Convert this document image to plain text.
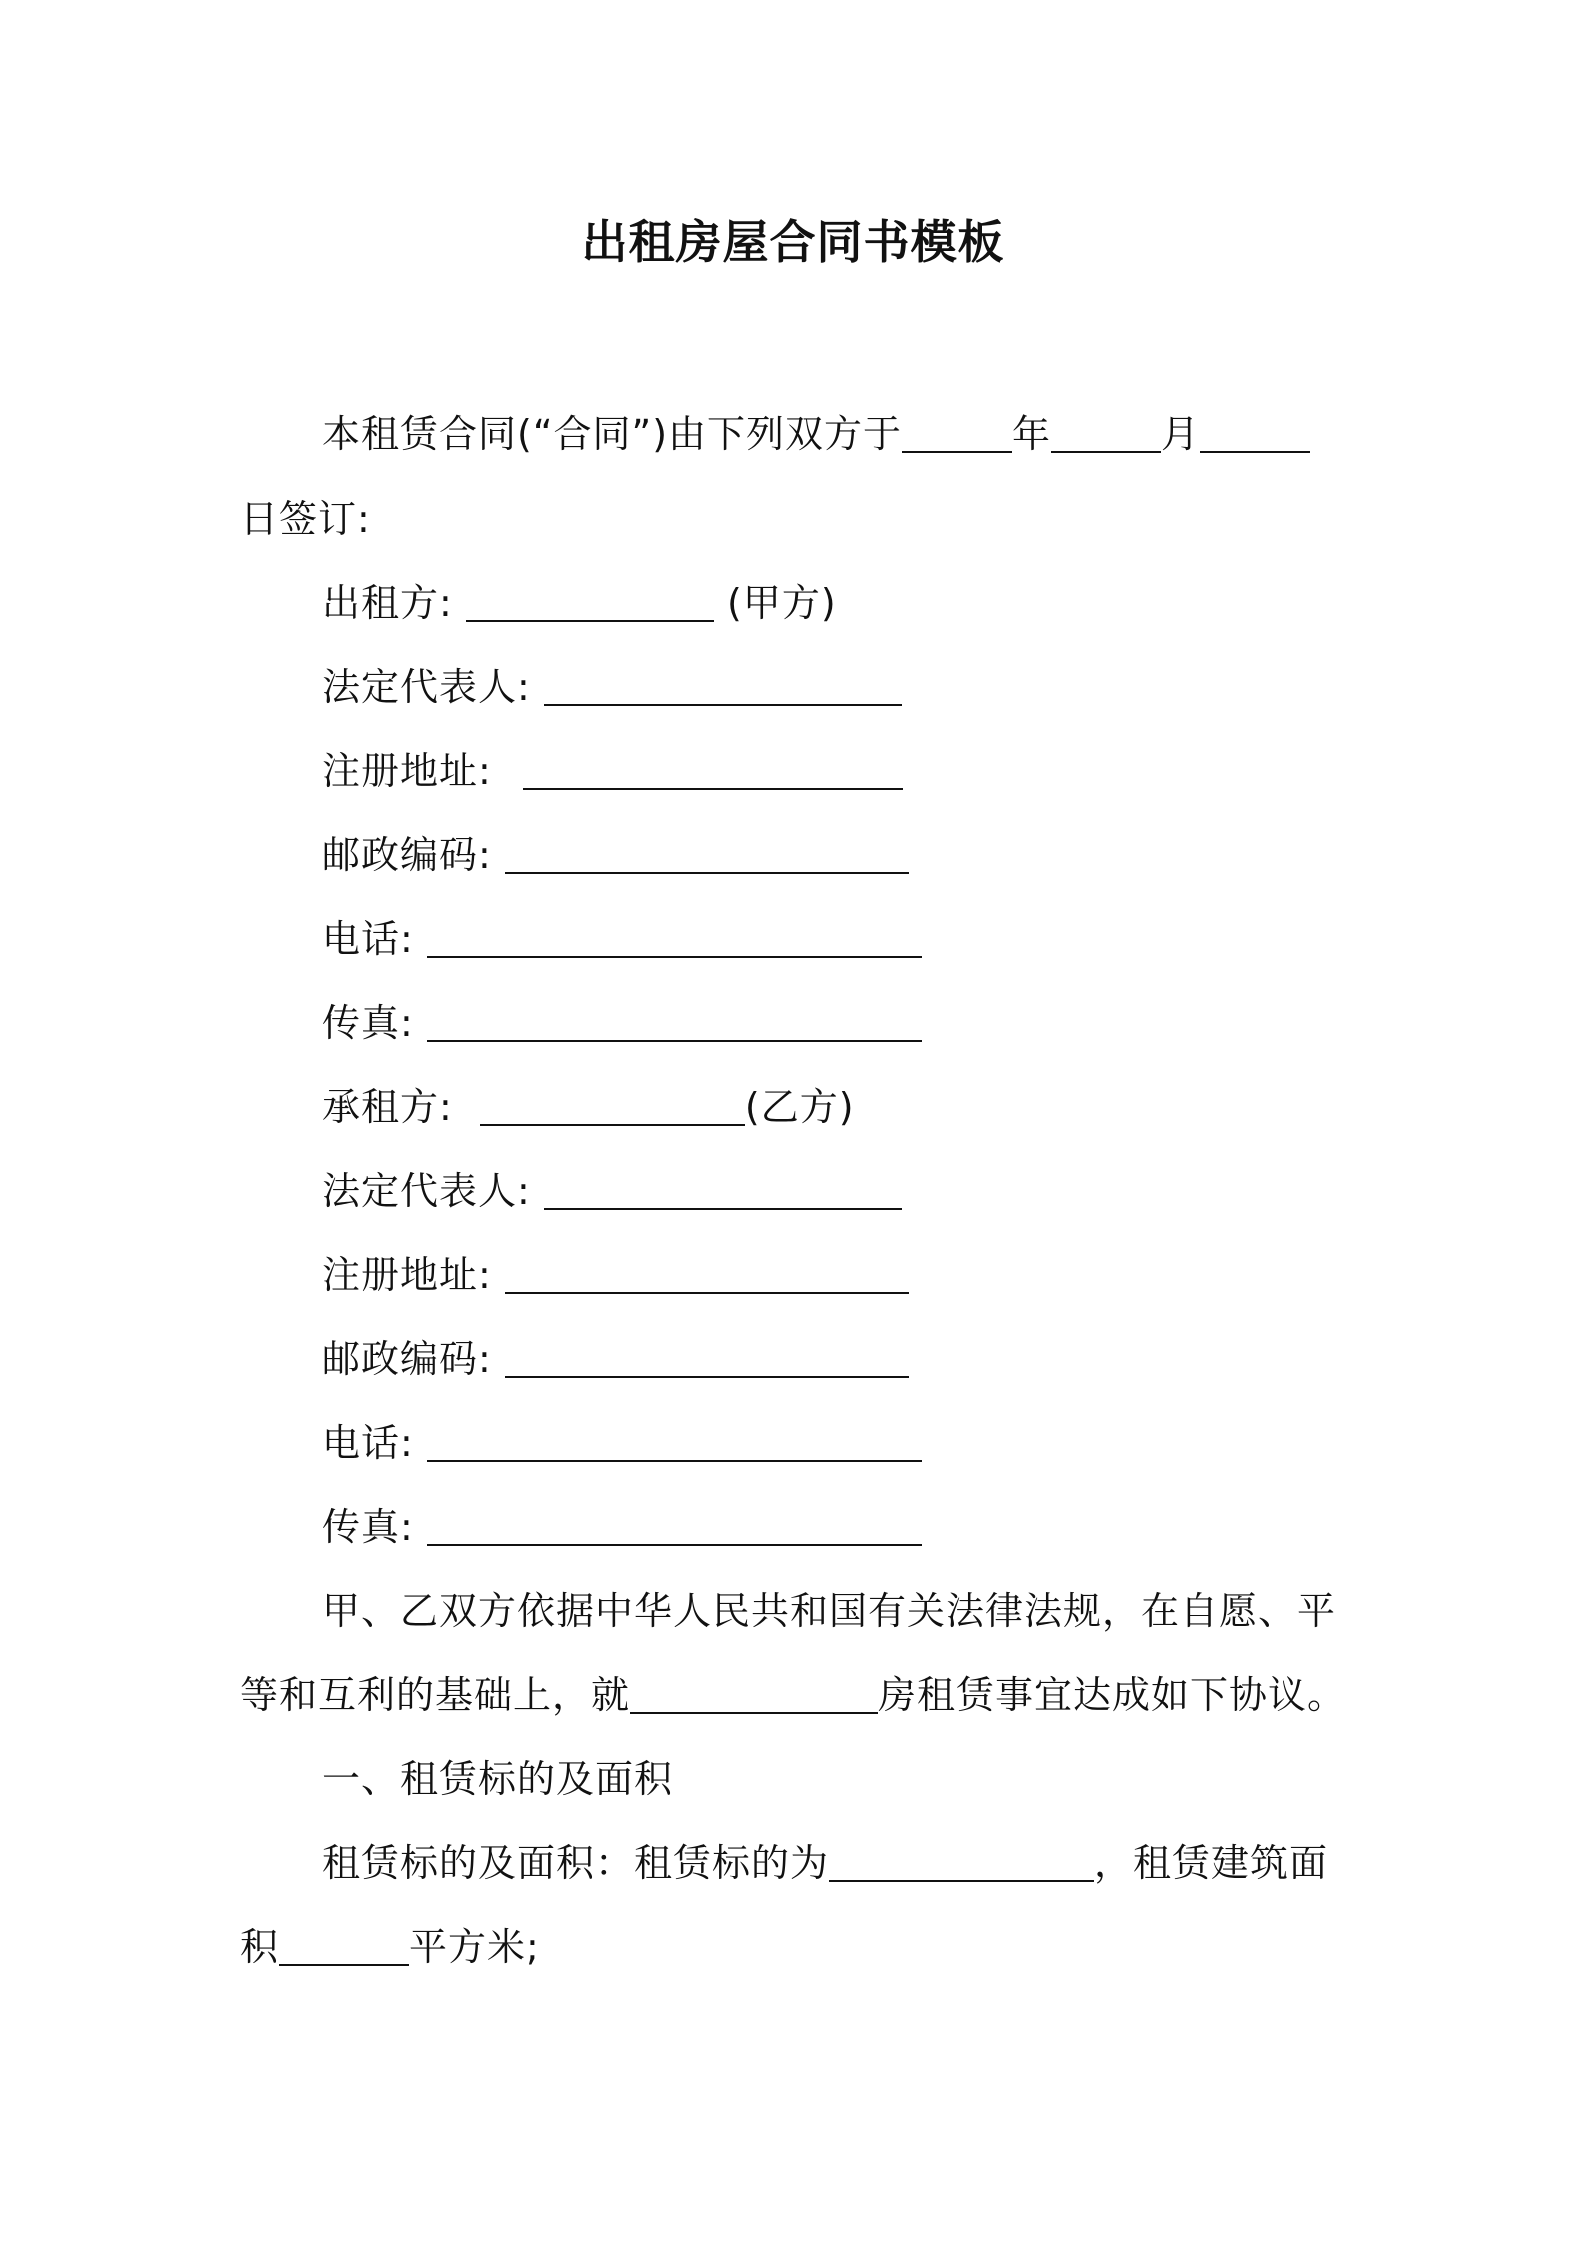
出租房屋合同书模板
本租赁合同(“合同”)由下列双方于	年	月
日签订:
出租方:	(甲方)
法定代表人:
注册地址:
邮政编码:
电话:
传真:
承租方:	(乙方)
法定代表人:
注册地址:
邮政编码:
电话:
传真:
甲、乙双方依据中华人民共和国有关法律法规，在自愿、平
等和互利的基础上，就	房租赁事宜达成如下协议。
一、租赁标的及面积
租赁标的及面积：租赁标的为	，租赁建筑面
积	平方米;
